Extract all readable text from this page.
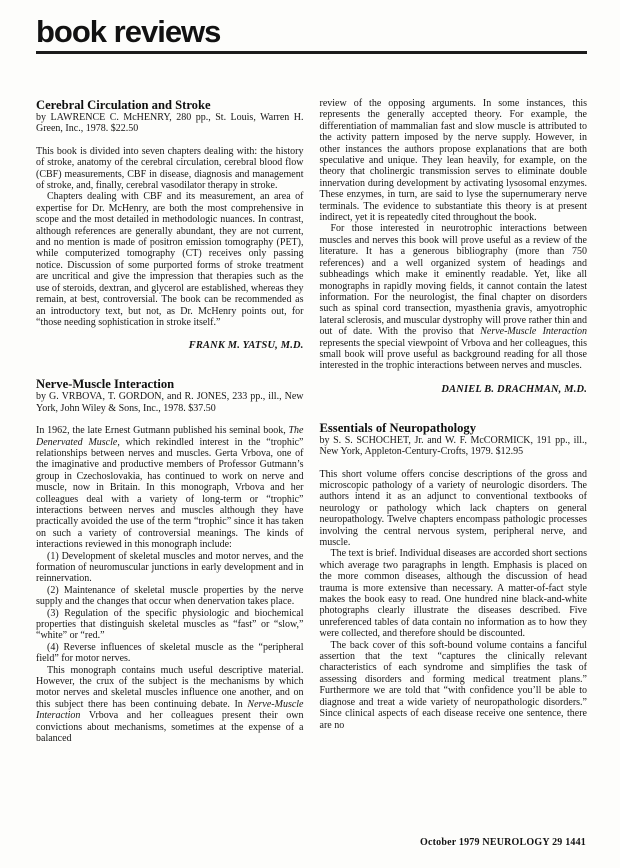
book reviews
Cerebral Circulation and Stroke

by LAWRENCE C. McHENRY, 280 pp., St. Louis, Warren H. Green, Inc., 1978. $22.50

This book is divided into seven chapters dealing with: the history of stroke, anatomy of the cerebral circulation, cerebral blood flow (CBF) measurements, CBF in disease, diagnosis and management of stroke, and, finally, cerebral vasodilator therapy in stroke.

Chapters dealing with CBF and its measurement, an area of expertise for Dr. McHenry, are both the most comprehensive in scope and the most detailed in methodologic nuances. In contrast, although references are generally abundant, they are not current, and no mention is made of positron emission tomography (PET), while computerized tomography (CT) receives only passing notice. Discussion of some purported forms of stroke treatment are uncritical and give the impression that therapies such as the use of steroids, dextran, and glycerol are established, whereas they remain, at best, controversial. The book can be recommended as an introductory text, but not, as Dr. McHenry points out, for “those needing sophistication in stroke itself.”

FRANK M. YATSU, M.D.

Nerve-Muscle Interaction

by G. VRBOVA, T. GORDON, and R. JONES, 233 pp., ill., New York, John Wiley & Sons, Inc., 1978. $37.50

In 1962, the late Ernest Gutmann published his seminal book, The Denervated Muscle, which rekindled interest in the “trophic” relationships between nerves and muscles. Gerta Vrbova, one of the imaginative and productive members of Professor Gutmann’s group in Czechoslovakia, has continued to work on nerve and muscle, now in Britain. In this monograph, Vrbova and her colleagues deal with a variety of long-term or “trophic” interactions between nerves and muscles although they have practically avoided the use of the term “trophic” since it has taken on such a variety of controversial meanings. The kinds of interactions reviewed in this monograph include:

(1) Development of skeletal muscles and motor nerves, and the formation of neuromuscular junctions in early development and in reinnervation.

(2) Maintenance of skeletal muscle properties by the nerve supply and the changes that occur when denervation takes place.

(3) Regulation of the specific physiologic and biochemical properties that distinguish skeletal muscles as “fast” or “slow,” “white” or “red.”

(4) Reverse influences of skeletal muscle as the “peripheral field” for motor nerves.

This monograph contains much useful descriptive material. However, the crux of the subject is the mechanisms by which motor nerves and skeletal muscles influence one another, and on this subject there has been continuing debate. In Nerve-Muscle Interaction Vrbova and her colleagues present their own convictions about mechanisms, sometimes at the expense of a balanced

review of the opposing arguments. In some instances, this represents the generally accepted theory. For example, the differentiation of mammalian fast and slow muscle is attributed to the activity pattern imposed by the nerve supply. However, in other instances the authors propose explanations that are both speculative and unique. They lean heavily, for example, on the theory that cholinergic transmission serves to eliminate double innervation during development by activating lysosomal enzymes. These enzymes, in turn, are said to lyse the supernumerary nerve terminals. The evidence to substantiate this theory is at present indirect, yet it is repeatedly cited throughout the book.

For those interested in neurotrophic interactions between muscles and nerves this book will prove useful as a review of the literature. It has a generous bibliography (more than 750 references) and a well organized system of headings and subheadings which make it eminently readable. Yet, like all monographs in rapidly moving fields, it cannot contain the latest information. For the neurologist, the final chapter on disorders such as spinal cord transection, myasthenia gravis, amyotrophic lateral sclerosis, and muscular dystrophy will prove rather thin and out of date. With the proviso that Nerve-Muscle Interaction represents the special viewpoint of Vrbova and her colleagues, this small book will prove useful as background reading for all those interested in the trophic interactions between nerves and muscles.

DANIEL B. DRACHMAN, M.D.

Essentials of Neuropathology

by S. S. SCHOCHET, Jr. and W. F. McCORMICK, 191 pp., ill., New York, Appleton-Century-Crofts, 1979. $12.95

This short volume offers concise descriptions of the gross and microscopic pathology of a variety of neurologic disorders. The authors intend it as an adjunct to conventional textbooks of neurology or pathology which lack chapters on general neuropathology. Twelve chapters encompass pathologic processes involving the central nervous system, peripheral nerve, and muscle.

The text is brief. Individual diseases are accorded short sections which average two paragraphs in length. Emphasis is placed on the more common diseases, although the discussion of head trauma is more extensive than necessary. A matter-of-fact style makes the book easy to read. One hundred nine black-and-white photographs clearly illustrate the diseases described. Five unreferenced tables of data contain no information as to how they were collected, and therefore should be discounted.

The back cover of this soft-bound volume contains a fanciful assertion that the text “captures the clinically relevant characteristics of each syndrome and simplifies the task of assessing disorders and forming medical treatment plans.” Furthermore we are told that “with confidence you’ll be able to diagnose and treat a wide variety of neuropathologic disorders.” Since clinical aspects of each disease receive one sentence, there are no

October 1979 NEUROLOGY 29 1441
